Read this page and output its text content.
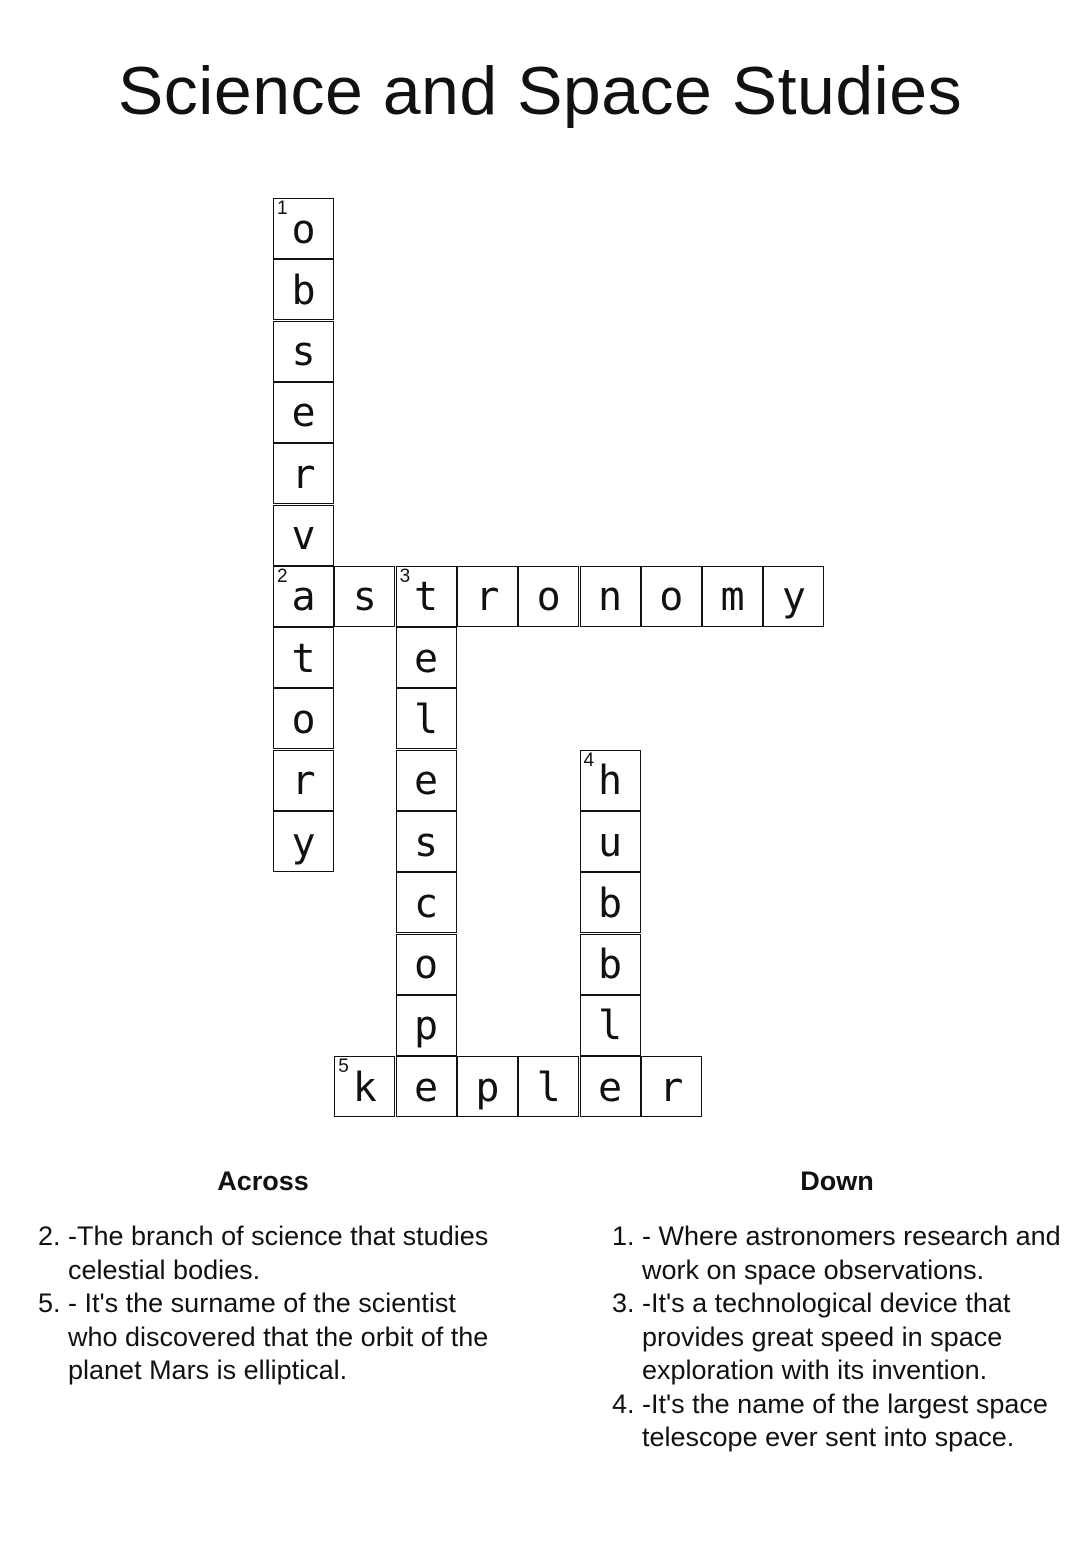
Science and Space Studies
1 o
b
s
e
r
v
2 a s	3 t r o n o m y
t
o
r
y
e
l
e
s
c
o
p
4 h
u
b
b
l
5 k e p l e r
Across
2. -The branch of science that studies celestial bodies.
5. - It's the surname of the scientist who discovered that the orbit of the planet Mars is elliptical.
Down
1. - Where astronomers research and work on space observations.
3. -It's a technological device that provides great speed in space exploration with its invention.
4. -It's the name of the largest space telescope ever sent into space.
